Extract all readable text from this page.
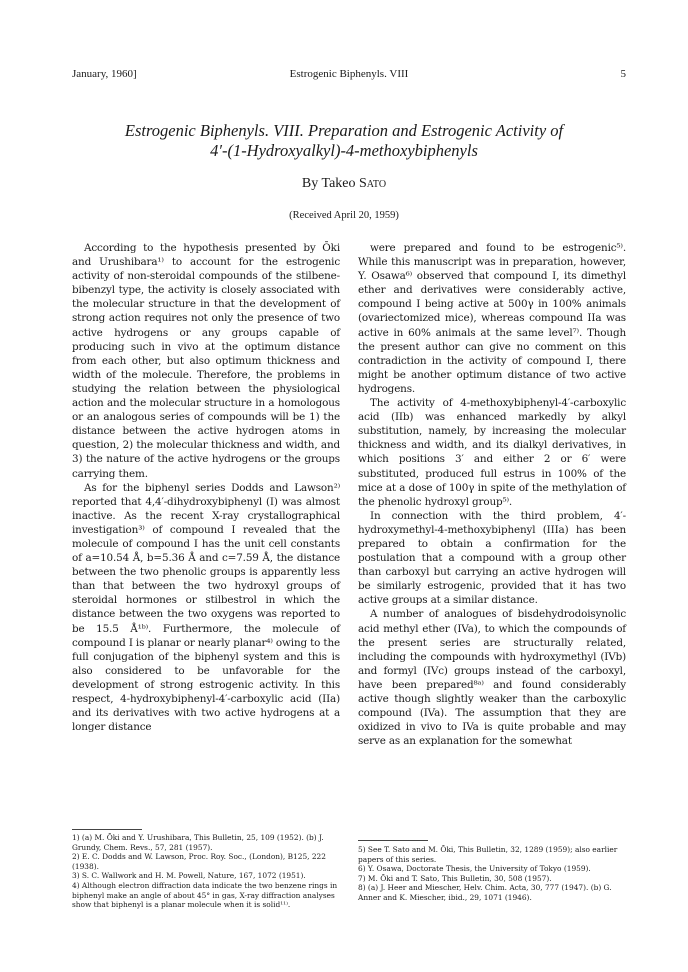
January, 1960]	Estrogenic Biphenyls. VIII	5
Estrogenic Biphenyls. VIII. Preparation and Estrogenic Activity of
4′-(1-Hydroxyalkyl)-4-methoxybiphenyls
By Takeo Sato
(Received April 20, 1959)

According to the hypothesis presented by Ōki and Urushibara¹⁾ to account for the estrogenic activity of non-steroidal compounds of the stilbene-bibenzyl type, the activity is closely associated with the molecular structure in that the development of strong action requires not only the presence of two active hydrogens or any groups capable of producing such in vivo at the optimum distance from each other, but also optimum thickness and width of the molecule. Therefore, the problems in studying the relation between the physiological action and the molecular structure in a homologous or an analogous series of compounds will be 1) the distance between the active hydrogen atoms in question, 2) the molecular thickness and width, and 3) the nature of the active hydrogens or the groups carrying them.

As for the biphenyl series Dodds and Lawson²⁾ reported that 4,4′-dihydroxybiphenyl (I) was almost inactive. As the recent X-ray crystallographical investigation³⁾ of compound I revealed that the molecule of compound I has the unit cell constants of a=10.54 Å, b=5.36 Å and c=7.59 Å, the distance between the two phenolic groups is apparently less than that between the two hydroxyl groups of steroidal hormones or stilbestrol in which the distance between the two oxygens was reported to be 15.5 Å¹ᵇ⁾. Furthermore, the molecule of compound I is planar or nearly planar⁴⁾ owing to the full conjugation of the biphenyl system and this is also considered to be unfavorable for the development of strong estrogenic activity. In this respect, 4-hydroxybiphenyl-4′-carboxylic acid (IIa) and its derivatives with two active hydrogens at a longer distance

were prepared and found to be estrogenic⁵⁾. While this manuscript was in preparation, however, Y. Osawa⁶⁾ observed that compound I, its dimethyl ether and derivatives were considerably active, compound I being active at 500γ in 100% animals (ovariectomized mice), whereas compound IIa was active in 60% animals at the same level⁷⁾. Though the present author can give no comment on this contradiction in the activity of compound I, there might be another optimum distance of two active hydrogens.

The activity of 4-methoxybiphenyl-4′-carboxylic acid (IIb) was enhanced markedly by alkyl substitution, namely, by increasing the molecular thickness and width, and its dialkyl derivatives, in which positions 3′ and either 2 or 6′ were substituted, produced full estrus in 100% of the mice at a dose of 100γ in spite of the methylation of the phenolic hydroxyl group⁵⁾.

In connection with the third problem, 4′-hydroxymethyl-4-methoxybiphenyl (IIIa) has been prepared to obtain a confirmation for the postulation that a compound with a group other than carboxyl but carrying an active hydrogen will be similarly estrogenic, provided that it has two active groups at a similar distance.

A number of analogues of bisdehydrodoisynolic acid methyl ether (IVa), to which the compounds of the present series are structurally related, including the compounds with hydroxymethyl (IVb) and formyl (IVc) groups instead of the carboxyl, have been prepared⁸ᵃ⁾ and found considerably active though slightly weaker than the carboxylic compound (IVa). The assumption that they are oxidized in vivo to IVa is quite probable and may serve as an explanation for the somewhat

1) (a) M. Ōki and Y. Urushibara, This Bulletin, 25, 109 (1952). (b) J. Grundy, Chem. Revs., 57, 281 (1957).

2) E. C. Dodds and W. Lawson, Proc. Roy. Soc., (London), B125, 222 (1938).

3) S. C. Wallwork and H. M. Powell, Nature, 167, 1072 (1951).

4) Although electron diffraction data indicate the two benzene rings in biphenyl make an angle of about 45° in gas, X-ray diffraction analyses show that biphenyl is a planar molecule when it is solid¹¹⁾.

5) See T. Sato and M. Ōki, This Bulletin, 32, 1289 (1959); also earlier papers of this series.

6) Y. Osawa, Doctorate Thesis, the University of Tokyo (1959).

7) M. Ōki and T. Sato, This Bulletin, 30, 508 (1957).

8) (a) J. Heer and Miescher, Helv. Chim. Acta, 30, 777 (1947). (b) G. Anner and K. Miescher, ibid., 29, 1071 (1946).
